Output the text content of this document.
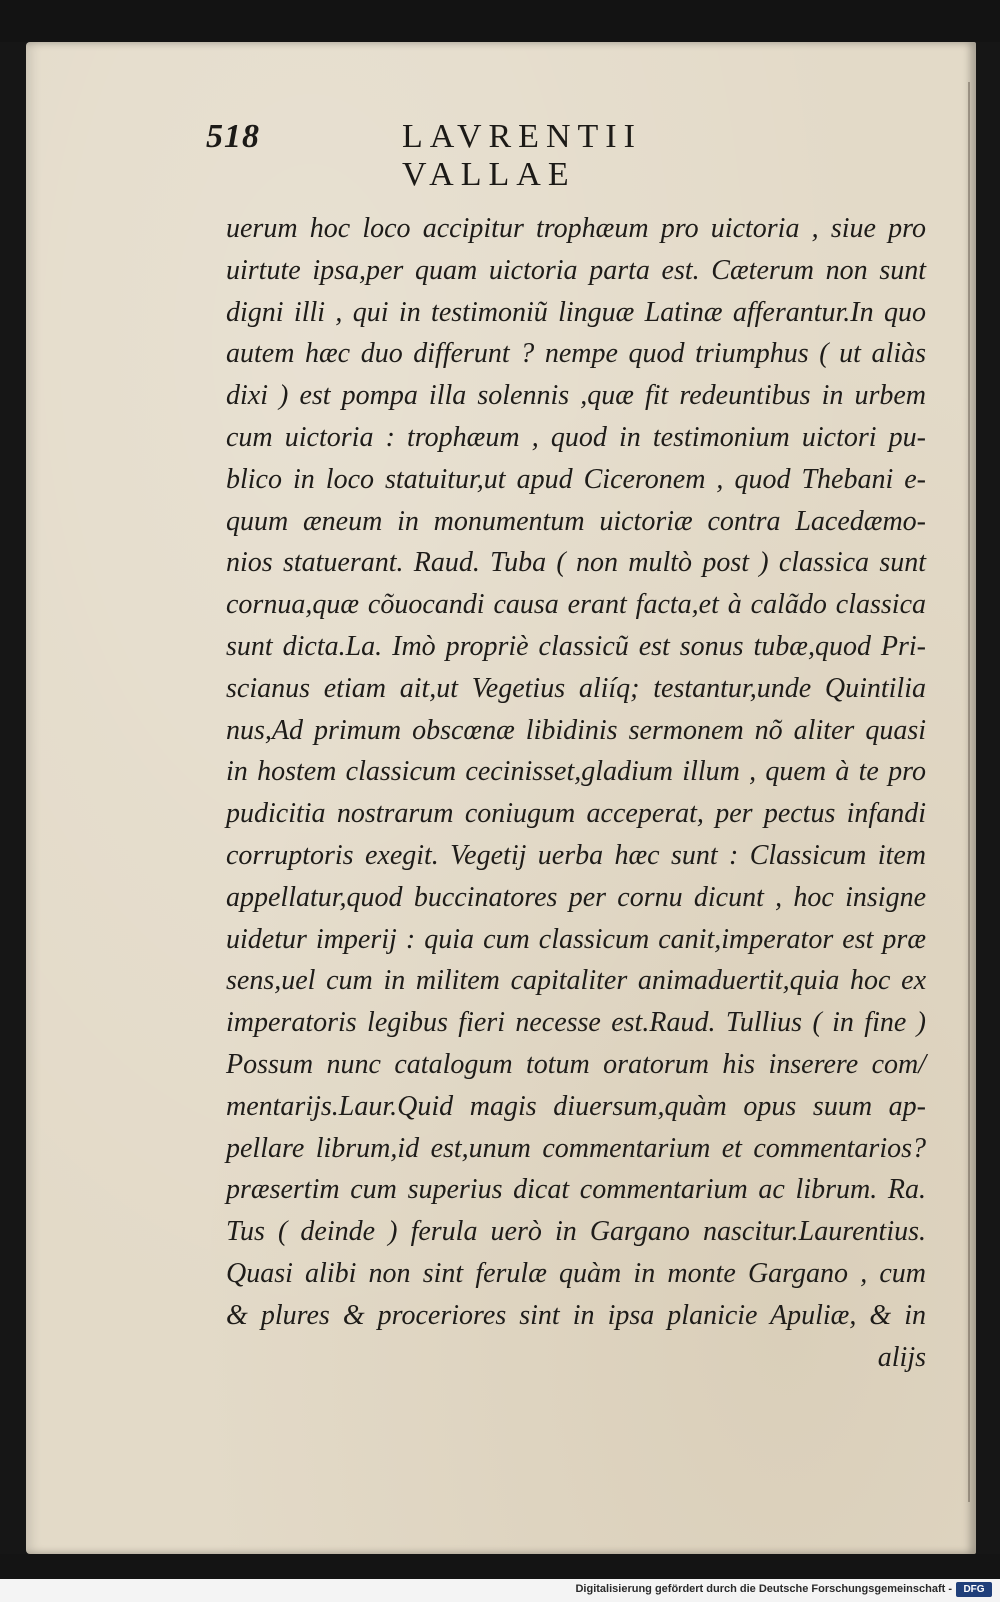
518	LAVRENTII VALLAE
uerum hoc loco accipitur trophæum pro uictoria , siue pro
uirtute ipsa,per quam uictoria parta est. Cæterum non sunt
digni illi , qui in testimoniũ linguæ Latinæ afferantur.In quo
autem hæc duo differunt ? nempe quod triumphus ( ut aliàs
dixi ) est pompa illa solennis ,quæ fit redeuntibus in urbem
cum uictoria : trophæum , quod in testimonium uictori pu-
blico in loco statuitur,ut apud Ciceronem , quod Thebani e-
quum æneum in monumentum uictoriæ contra Lacedæmo-
nios statuerant. Raud. Tuba ( non multò post ) classica sunt
cornua,quæ cõuocandi causa erant facta,et à calãdo classica
sunt dicta.La. Imò propriè classicũ est sonus tubæ,quod Pri-
scianus etiam ait,ut Vegetius aliíq; testantur,unde Quintilia
nus,Ad primum obscœnæ libidinis sermonem nõ aliter quasi
in hostem classicum cecinisset,gladium illum , quem à te pro
pudicitia nostrarum coniugum acceperat, per pectus infandi
corruptoris exegit. Vegetij uerba hæc sunt : Classicum item
appellatur,quod buccinatores per cornu dicunt , hoc insigne
uidetur imperij : quia cum classicum canit,imperator est præ
sens,uel cum in militem capitaliter animaduertit,quia hoc ex
imperatoris legibus fieri necesse est.Raud. Tullius ( in fine )
Possum nunc catalogum totum oratorum his inserere com/
mentarijs.Laur.Quid magis diuersum,quàm opus suum ap-
pellare librum,id est,unum commentarium et commentarios?
præsertim cum superius dicat commentarium ac librum. Ra.
Tus ( deinde ) ferula uerò in Gargano nascitur.Laurentius.
Quasi alibi non sint ferulæ quàm in monte Gargano , cum
& plures & proceriores sint in ipsa planicie Apuliæ, & in
alijs
Digitalisierung gefördert durch die Deutsche Forschungsgemeinschaft -	DFG
